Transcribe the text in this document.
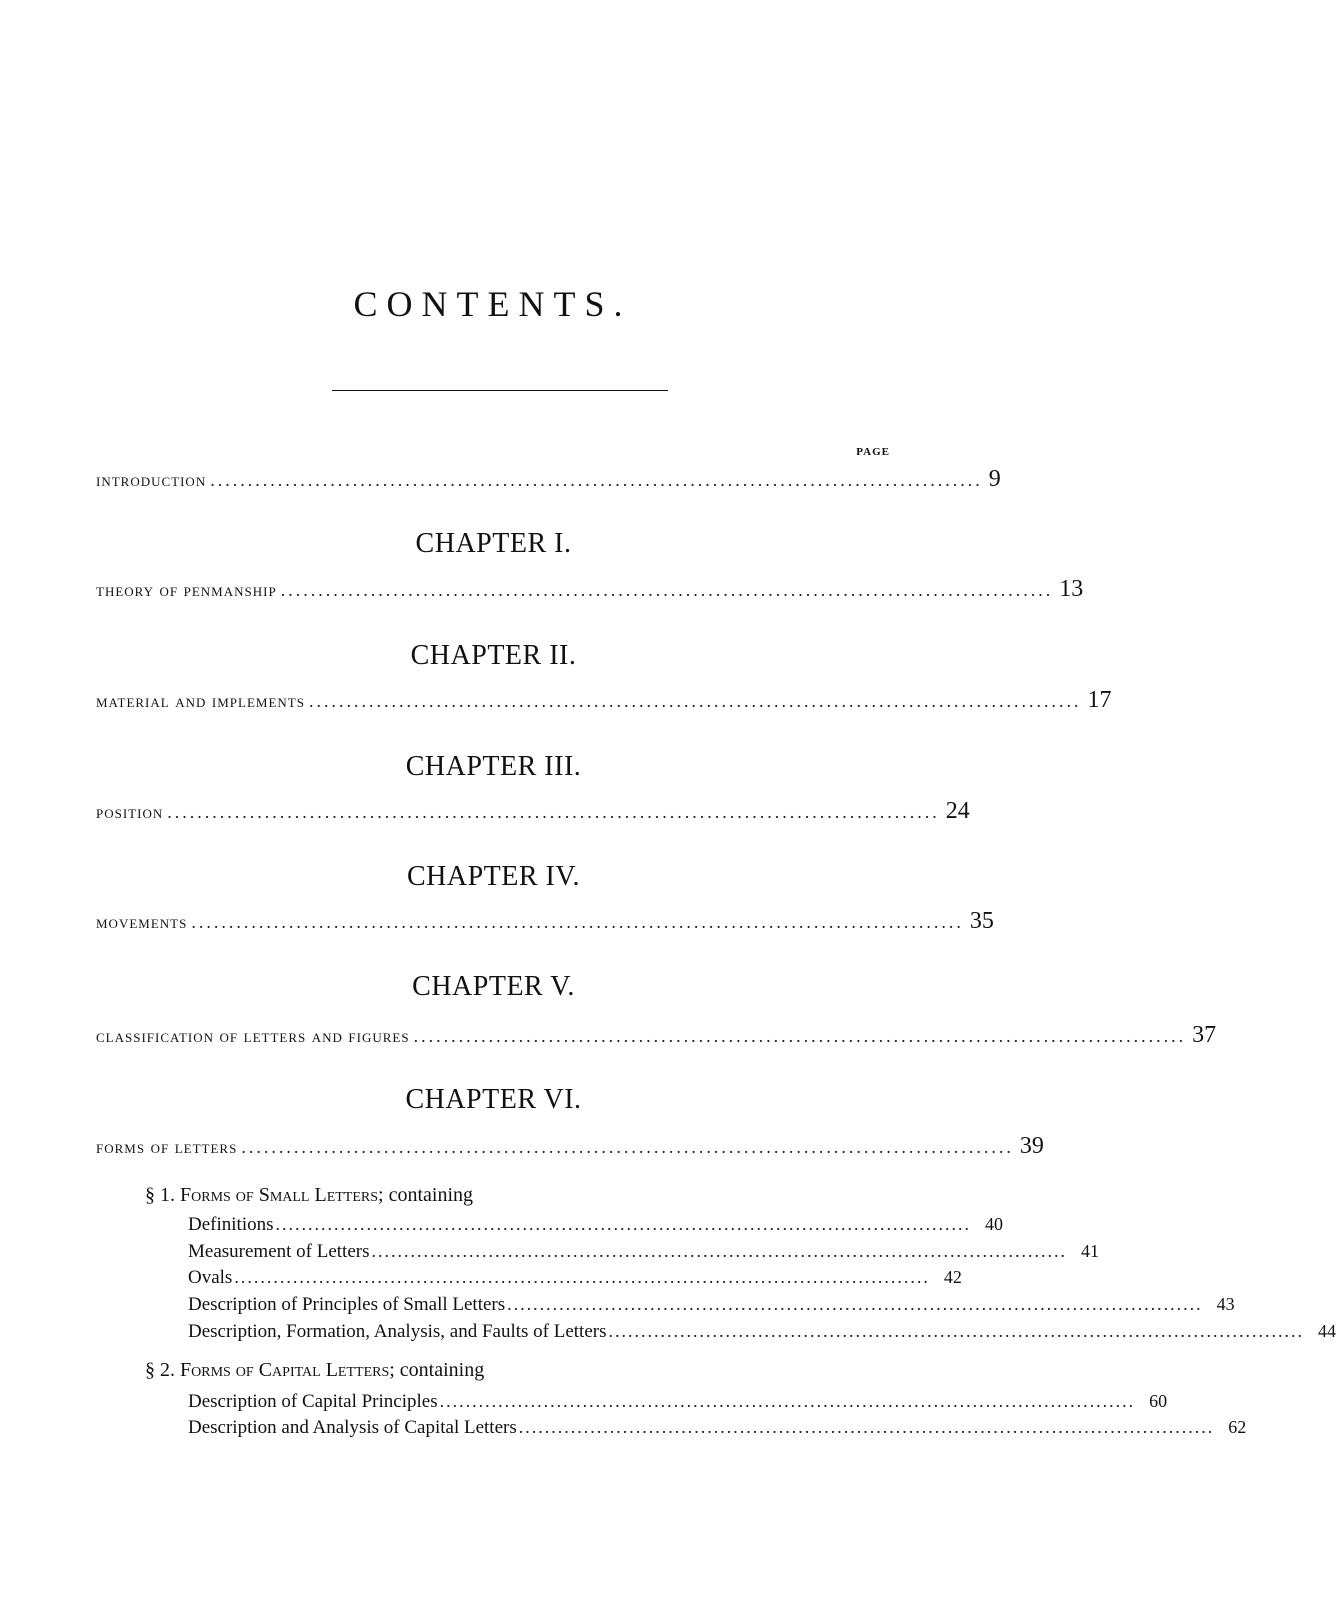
CONTENTS.
PAGE
introduction ....................................................................................................... 9
CHAPTER I.
theory of penmanship ....................................................................................................... 13
CHAPTER II.
material and implements ....................................................................................................... 17
CHAPTER III.
position ....................................................................................................... 24
CHAPTER IV.
movements ....................................................................................................... 35
CHAPTER V.
classification of letters and figures ....................................................................................................... 37
CHAPTER VI.
forms of letters ....................................................................................................... 39
§ 1. Forms of Small Letters; containing
Definitions ........................................................................................................... 40
Measurement of Letters ........................................................................................................... 41
Ovals ........................................................................................................... 42
Description of Principles of Small Letters ........................................................................................................... 43
Description, Formation, Analysis, and Faults of Letters ........................................................................................................... 44
§ 2. Forms of Capital Letters; containing
Description of Capital Principles ........................................................................................................... 60
Description and Analysis of Capital Letters ........................................................................................................... 62
